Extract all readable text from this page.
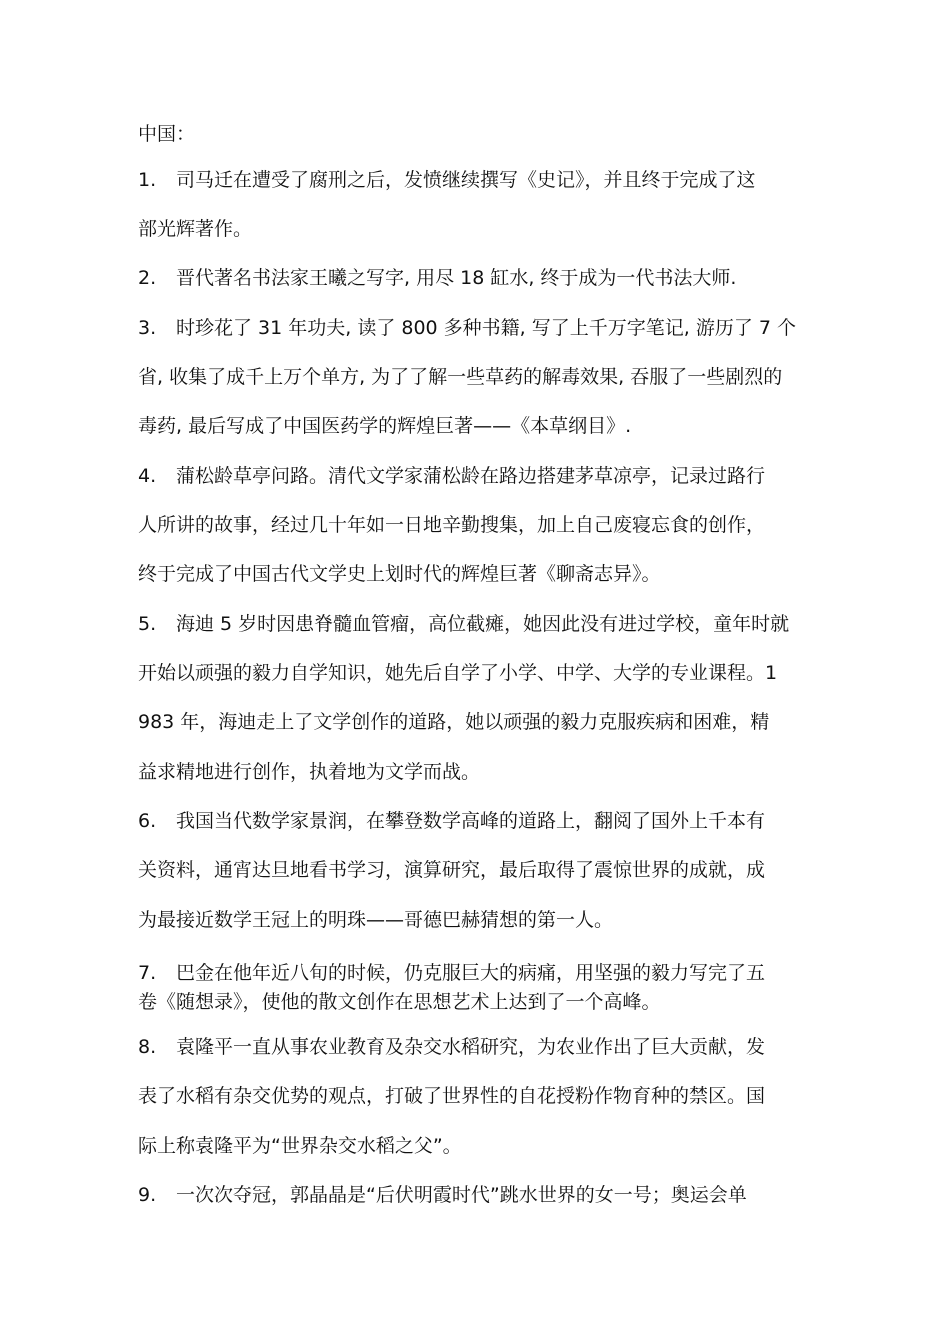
中国：
1. 司马迁在遭受了腐刑之后，发愤继续撰写《史记》，并且终于完成了这
部光辉著作。
2. 晋代著名书法家王曦之写字, 用尽 18 缸水, 终于成为一代书法大师.
3. 时珍花了 31 年功夫, 读了 800 多种书籍, 写了上千万字笔记, 游历了 7 个
省, 收集了成千上万个单方, 为了了解一些草药的解毒效果, 吞服了一些剧烈的
毒药, 最后写成了中国医药学的辉煌巨著——《本草纲目》.
4. 蒲松龄草亭问路。清代文学家蒲松龄在路边搭建茅草凉亭，记录过路行
人所讲的故事，经过几十年如一日地辛勤搜集，加上自己废寝忘食的创作，
终于完成了中国古代文学史上划时代的辉煌巨著《聊斋志异》。
5. 海迪 5 岁时因患脊髓血管瘤，高位截瘫，她因此没有进过学校，童年时就
开始以顽强的毅力自学知识，她先后自学了小学、中学、大学的专业课程。1
983 年，海迪走上了文学创作的道路，她以顽强的毅力克服疾病和困难，精
益求精地进行创作，执着地为文学而战。
6. 我国当代数学家景润，在攀登数学高峰的道路上，翻阅了国外上千本有
关资料，通宵达旦地看书学习，演算研究，最后取得了震惊世界的成就，成
为最接近数学王冠上的明珠——哥德巴赫猜想的第一人。
7. 巴金在他年近八旬的时候，仍克服巨大的病痛，用坚强的毅力写完了五
卷《随想录》，使他的散文创作在思想艺术上达到了一个高峰。
8. 袁隆平一直从事农业教育及杂交水稻研究，为农业作出了巨大贡献，发
表了水稻有杂交优势的观点，打破了世界性的自花授粉作物育种的禁区。国
际上称袁隆平为“世界杂交水稻之父”。
9. 一次次夺冠，郭晶晶是“后伏明霞时代”跳水世界的女一号；奥运会单
